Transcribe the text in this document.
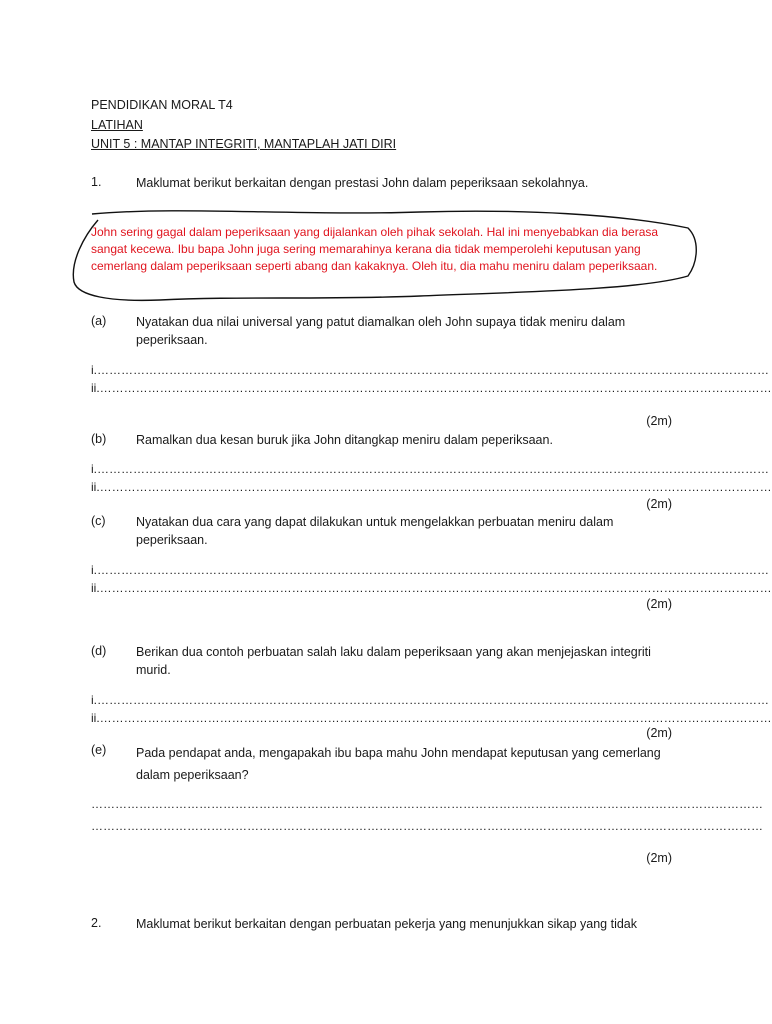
PENDIDIKAN MORAL T4
LATIHAN
UNIT 5 : MANTAP INTEGRITI, MANTAPLAH JATI DIRI
1.	Maklumat berikut berkaitan dengan prestasi John dalam peperiksaan sekolahnya.
John sering gagal dalam peperiksaan yang dijalankan oleh pihak sekolah. Hal ini menyebabkan dia berasa sangat kecewa. Ibu bapa John juga sering memarahinya kerana dia tidak memperolehi keputusan yang cemerlang dalam peperiksaan seperti abang dan kakaknya. Oleh itu, dia mahu meniru dalam peperiksaan.
(a) Nyatakan dua nilai universal yang patut diamalkan oleh John supaya tidak meniru dalam peperiksaan.
i.……………………………………………………………………………………………………………………………………………………
ii.……………………………………………………………………………………………………………………………………………………
(2m)
(b) Ramalkan dua kesan buruk jika John ditangkap meniru dalam peperiksaan.
i.……………………………………………………………………………………………………………………………………………………
ii.……………………………………………………………………………………………………………………………………………………
(2m)
(c) Nyatakan dua cara yang dapat dilakukan untuk mengelakkan perbuatan meniru dalam peperiksaan.
i.……………………………………………………………………………………………………………………………………………………
ii.……………………………………………………………………………………………………………………………………………………
(2m)
(d) Berikan dua contoh perbuatan salah laku dalam peperiksaan yang akan menjejaskan integriti murid.
i.……………………………………………………………………………………………………………………………………………………
ii.……………………………………………………………………………………………………………………………………………………
(2m)
(e) Pada pendapat anda, mengapakah ibu bapa mahu John mendapat keputusan yang cemerlang dalam peperiksaan?
……………………………………………………………………………………………………………………………………………………
……………………………………………………………………………………………………………………………………………………
(2m)
2.	Maklumat berikut berkaitan dengan perbuatan pekerja yang menunjukkan sikap yang tidak
